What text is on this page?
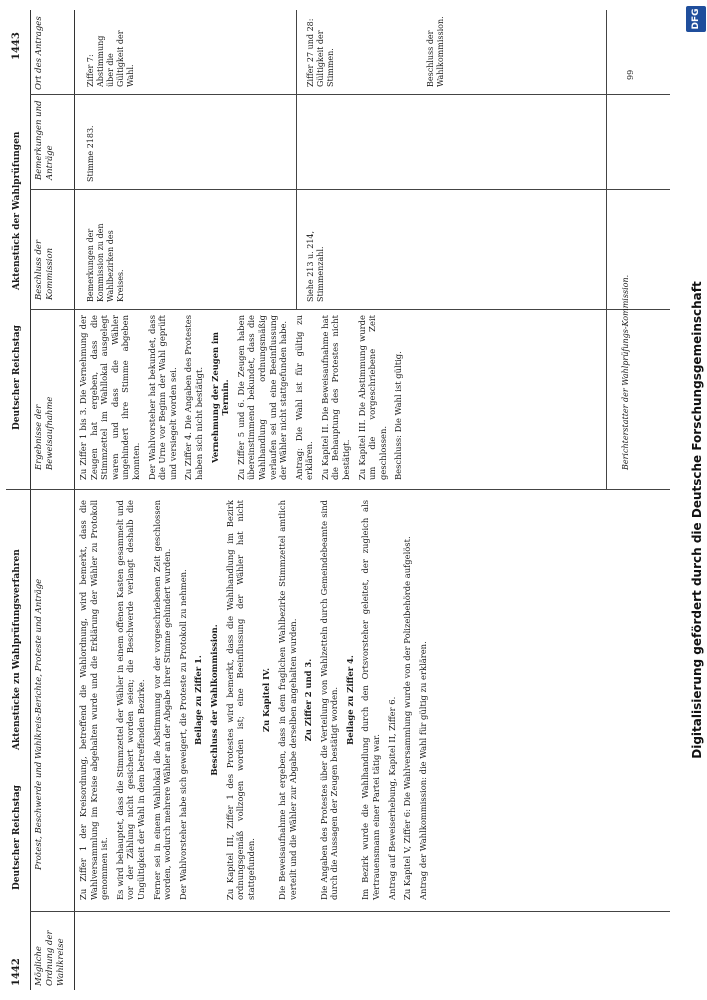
DFG
Digitalisierung gefördert durch die Deutsche Forschungsgemeinschaft
1442
Deutscher Reichstag
Aktenstücke zu Wahlprüfungsverfahren
Deutscher Reichstag
Aktenstück der Wahlprüfungen
1443
Mögliche Ordnung der Wahlkreise
Protest, Beschwerde und Wahlkreis-Berichte, Proteste und Anträge
Ergebnisse der Beweisaufnahme
Beschluss der Kommission
Bemerkungen und Anträge
Ort des Antrages

Zu Ziffer 1 der Kreisordnung, betreffend die Wahlordnung, wird bemerkt, dass die Wahlversammlung im Kreise abgehalten wurde und die Erklärung der Wähler zu Protokoll genommen ist. Es wird behauptet, dass die Stimmzettel der Wähler in einem offenen Kasten gesammelt und vor der Zählung nicht gesichert worden seien; die Beschwerde verlangt deshalb die Ungültigkeit der Wahl in dem betreffenden Bezirke. Ferner sei in einem Wahllokal die Abstimmung vor der vorgeschriebenen Zeit geschlossen worden, wodurch mehrere Wähler an der Abgabe ihrer Stimme gehindert wurden. Der Wahlvorsteher habe sich geweigert, die Proteste zu Protokoll zu nehmen. Beilage zu Ziffer 1. Beschluss der Wahlkommission. Zu Kapitel III, Ziffer 1 des Protestes wird bemerkt, dass die Wahlhandlung im Bezirk ordnungsgemäß vollzogen worden ist; eine Beeinflussung der Wähler hat nicht stattgefunden.

Zu Kapitel IV. Die Beweisaufnahme hat ergeben, dass in dem fraglichen Wahlbezirke Stimmzettel amtlich verteilt und die Wähler zur Abgabe derselben angehalten wurden. Zu Ziffer 2 und 3. Die Angaben des Protestes über die Verteilung von Wahlzetteln durch Gemeindebeamte sind durch die Aussagen der Zeugen bestätigt worden. Beilage zu Ziffer 4. Im Bezirk wurde die Wahlhandlung durch den Ortsvorsteher geleitet, der zugleich als Vertrauensmann einer Partei tätig war. Antrag auf Beweiserhebung, Kapitel II, Ziffer 6. Zu Kapitel V, Ziffer 6: Die Wahlversammlung wurde von der Polizeibehörde aufgelöst. Antrag der Wahlkommission: die Wahl für gültig zu erklären.

Zu Ziffer 1 bis 3. Die Vernehmung der Zeugen hat ergeben, dass die Stimmzettel im Wahllokal ausgelegt waren und dass die Wähler ungehindert ihre Stimme abgeben konnten. Der Wahlvorsteher hat bekundet, dass die Urne vor Beginn der Wahl geprüft und versiegelt worden sei. Zu Ziffer 4. Die Angaben des Protestes haben sich nicht bestätigt. Vernehmung der Zeugen im Termin. Zu Ziffer 5 und 6. Die Zeugen haben übereinstimmend bekundet, dass die Wahlhandlung ordnungsmäßig verlaufen sei und eine Beeinflussung der Wähler nicht stattgefunden habe. Antrag: Die Wahl ist für gültig zu erklären. Zu Kapitel II. Die Beweisaufnahme hat die Behauptung des Protestes nicht bestätigt. Zu Kapitel III. Die Abstimmung wurde um die vorgeschriebene Zeit geschlossen. Beschluss: Die Wahl ist gültig.

Bemerkungen der Kommission zu den Wahlbezirken des Kreises.
Stimme 2183.
Siehe 213 u. 214, Stimmenzahl.
Ziffer 7: Abstimmung über die Gültigkeit der Wahl.	Ziffer 27 und 28: Gültigkeit der Stimmen.	Beschluss der Wahlkommission.
Berichterstatter der Wahlprüfungs-Kommission.
99
